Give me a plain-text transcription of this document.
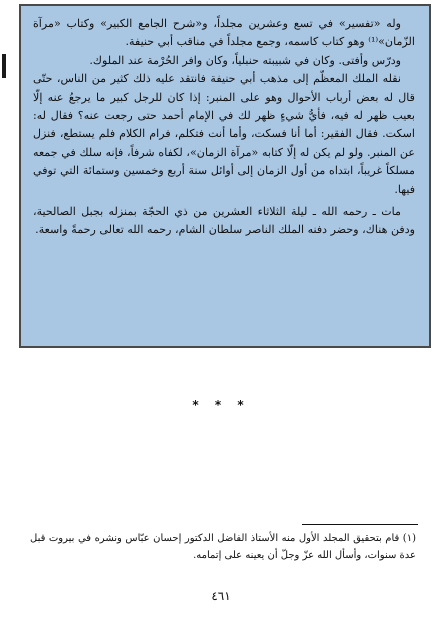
وله «تفسير» في تسع وعشرين مجلداً، و«شرح الجامع الكبير» وكتاب «مرآة الزّمان»⁽¹⁾ وهو كتاب كاسمه، وجمع مجلداً في مناقب أبي حنيفة.

ودرّس وأفتى. وكان في شبيبته حنبلياً، وكان وافر الحُرْمة عند الملوك.

نقله الملك المعظّم إلى مذهب أبي حنيفة فانتقد عليه ذلك كثير من الناس، حتّى قال له بعض أرباب الأحوال وهو على المنبر: إذا كان للرجل كبير ما يرجعُ عنه إلّا بعيب ظهر له فيه، فأيُّ شيءٍ ظهر لك في الإمام أحمد حتى رجعت عنه؟ فقال له: اسكت. فقال الفقير: أما أنا فسكت، وأما أنت فتكلم، فرام الكلام فلم يستطع، فنزل عن المنبر. ولو لم يكن له إلّا كتابه «مرآة الزمان»، لكفاه شرفاً، فإنه سلك في جمعه مسلكاً غريباً، ابتداه من أول الزمان إلى أوائل سنة أربع وخمسين وستمائة التي توفي فيها.

مات ـ رحمه الله ـ ليلة الثلاثاء العشرين من ذي الحجّة بمنزله بجبل الصالحية، ودفن هناك، وحضر دفنه الملك الناصر سلطان الشام، رحمه الله تعالى رحمةً واسعة.

* * *

(١) قام بتحقيق المجلد الأول منه الأستاذ الفاضل الدكتور إحسان عبّاس ونشره في بيروت قبل عدة سنوات، وأسأل الله عزّ وجلّ أن يعينه على إتمامه.

٤٦١
